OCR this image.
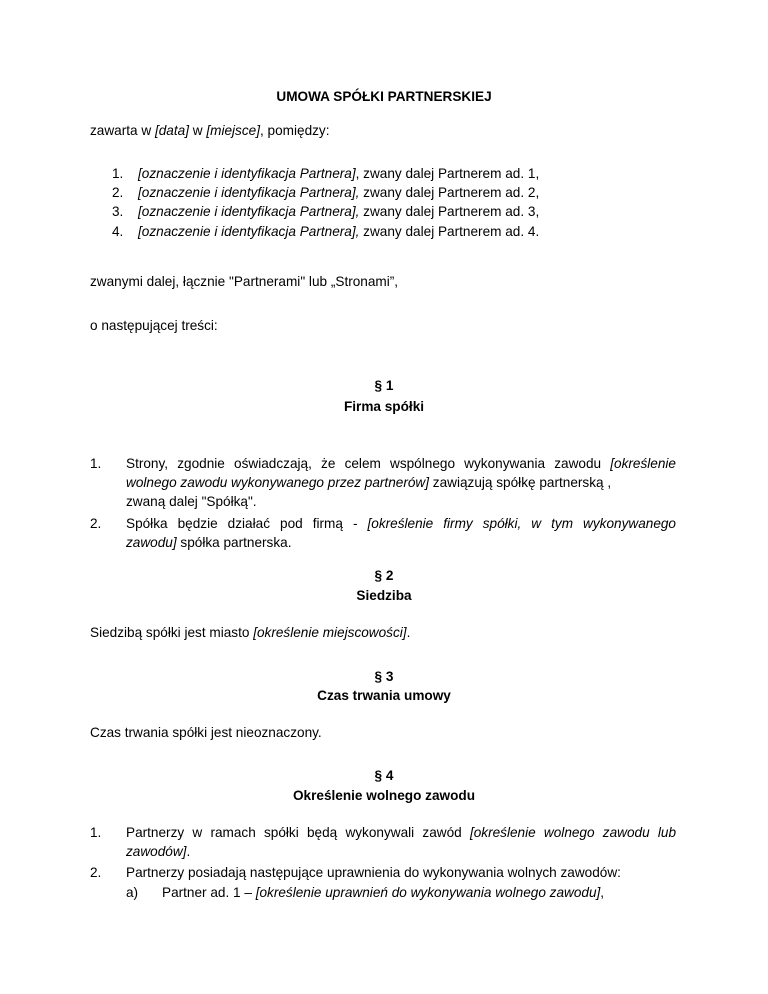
UMOWA SPÓŁKI PARTNERSKIEJ
zawarta w [data] w [miejsce], pomiędzy:
1. [oznaczenie i identyfikacja Partnera], zwany dalej Partnerem ad. 1,
2. [oznaczenie i identyfikacja Partnera], zwany dalej Partnerem ad. 2,
3. [oznaczenie i identyfikacja Partnera], zwany dalej Partnerem ad. 3,
4. [oznaczenie i identyfikacja Partnera], zwany dalej Partnerem ad. 4.
zwanymi dalej, łącznie "Partnerami" lub „Stronami”,
o następującej treści:
§ 1
Firma spółki
1. Strony, zgodnie oświadczają, że celem wspólnego wykonywania zawodu [określenie
wolnego zawodu wykonywanego przez partnerów] zawiązują spółkę partnerską ,
zwaną dalej "Spółką".
2. Spółka będzie działać pod firmą - [określenie firmy spółki, w tym wykonywanego
zawodu] spółka partnerska.
§ 2
Siedziba
Siedzibą spółki jest miasto [określenie miejscowości].
§ 3
Czas trwania umowy
Czas trwania spółki jest nieoznaczony.
§ 4
Określenie wolnego zawodu
1. Partnerzy w ramach spółki będą wykonywali zawód [określenie wolnego zawodu lub
zawodów].
2. Partnerzy posiadają następujące uprawnienia do wykonywania wolnych zawodów:
a) Partner ad. 1 – [określenie uprawnień do wykonywania wolnego zawodu],
